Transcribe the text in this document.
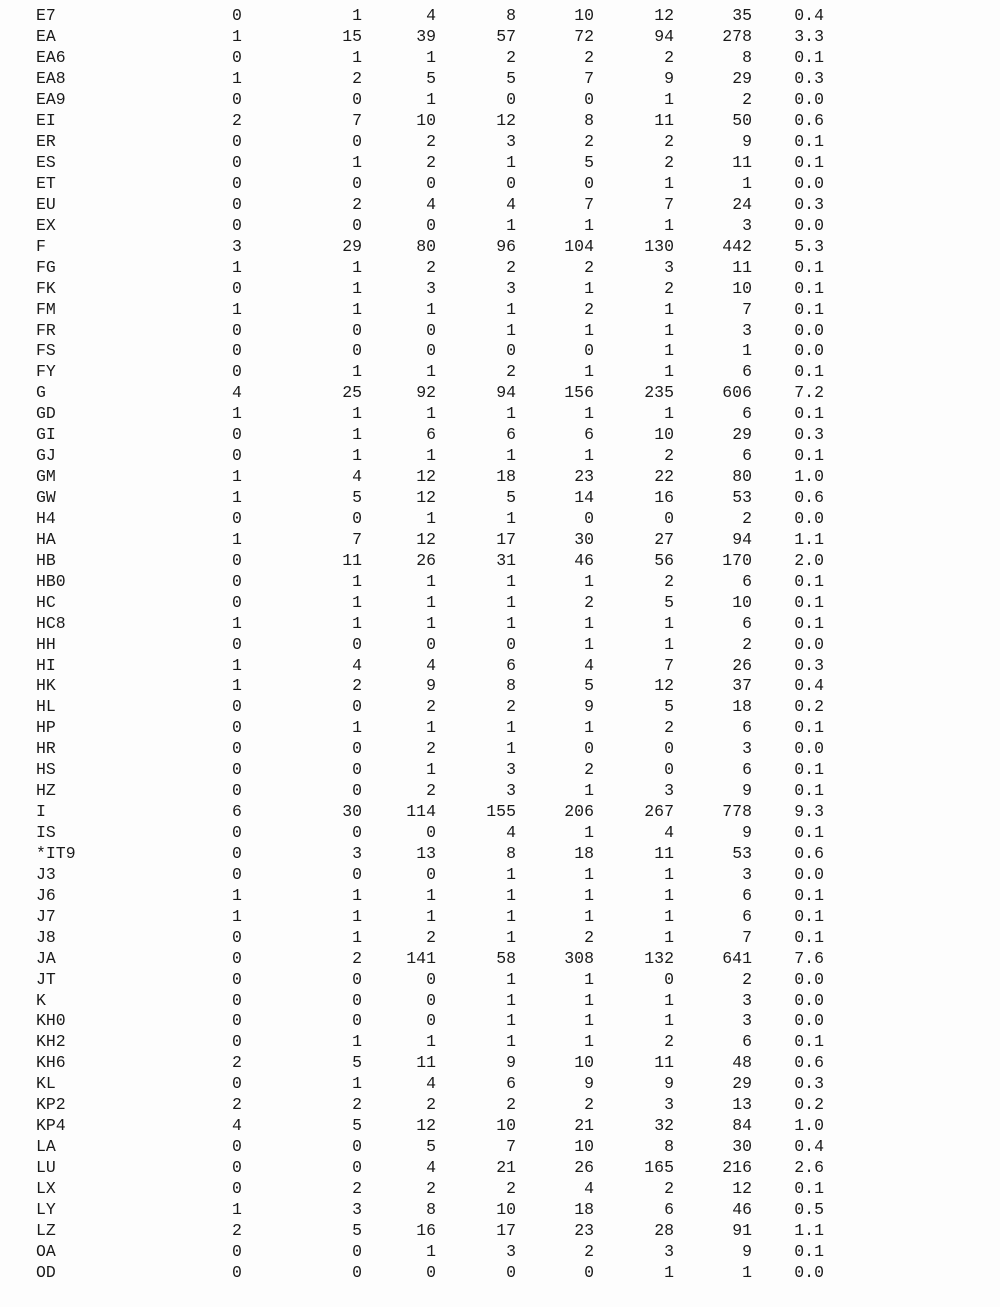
E7	0	1	4	8	10	12	35	0.4
EA	1	15	39	57	72	94	278	3.3
EA6	0	1	1	2	2	2	8	0.1
EA8	1	2	5	5	7	9	29	0.3
EA9	0	0	1	0	0	1	2	0.0
EI	2	7	10	12	8	11	50	0.6
ER	0	0	2	3	2	2	9	0.1
ES	0	1	2	1	5	2	11	0.1
ET	0	0	0	0	0	1	1	0.0
EU	0	2	4	4	7	7	24	0.3
EX	0	0	0	1	1	1	3	0.0
F	3	29	80	96	104	130	442	5.3
FG	1	1	2	2	2	3	11	0.1
FK	0	1	3	3	1	2	10	0.1
FM	1	1	1	1	2	1	7	0.1
FR	0	0	0	1	1	1	3	0.0
FS	0	0	0	0	0	1	1	0.0
FY	0	1	1	2	1	1	6	0.1
G	4	25	92	94	156	235	606	7.2
GD	1	1	1	1	1	1	6	0.1
GI	0	1	6	6	6	10	29	0.3
GJ	0	1	1	1	1	2	6	0.1
GM	1	4	12	18	23	22	80	1.0
GW	1	5	12	5	14	16	53	0.6
H4	0	0	1	1	0	0	2	0.0
HA	1	7	12	17	30	27	94	1.1
HB	0	11	26	31	46	56	170	2.0
HB0	0	1	1	1	1	2	6	0.1
HC	0	1	1	1	2	5	10	0.1
HC8	1	1	1	1	1	1	6	0.1
HH	0	0	0	0	1	1	2	0.0
HI	1	4	4	6	4	7	26	0.3
HK	1	2	9	8	5	12	37	0.4
HL	0	0	2	2	9	5	18	0.2
HP	0	1	1	1	1	2	6	0.1
HR	0	0	2	1	0	0	3	0.0
HS	0	0	1	3	2	0	6	0.1
HZ	0	0	2	3	1	3	9	0.1
I	6	30	114	155	206	267	778	9.3
IS	0	0	0	4	1	4	9	0.1
*IT9	0	3	13	8	18	11	53	0.6
J3	0	0	0	1	1	1	3	0.0
J6	1	1	1	1	1	1	6	0.1
J7	1	1	1	1	1	1	6	0.1
J8	0	1	2	1	2	1	7	0.1
JA	0	2	141	58	308	132	641	7.6
JT	0	0	0	1	1	0	2	0.0
K	0	0	0	1	1	1	3	0.0
KH0	0	0	0	1	1	1	3	0.0
KH2	0	1	1	1	1	2	6	0.1
KH6	2	5	11	9	10	11	48	0.6
KL	0	1	4	6	9	9	29	0.3
KP2	2	2	2	2	2	3	13	0.2
KP4	4	5	12	10	21	32	84	1.0
LA	0	0	5	7	10	8	30	0.4
LU	0	0	4	21	26	165	216	2.6
LX	0	2	2	2	4	2	12	0.1
LY	1	3	8	10	18	6	46	0.5
LZ	2	5	16	17	23	28	91	1.1
OA	0	0	1	3	2	3	9	0.1
OD	0	0	0	0	0	1	1	0.0
